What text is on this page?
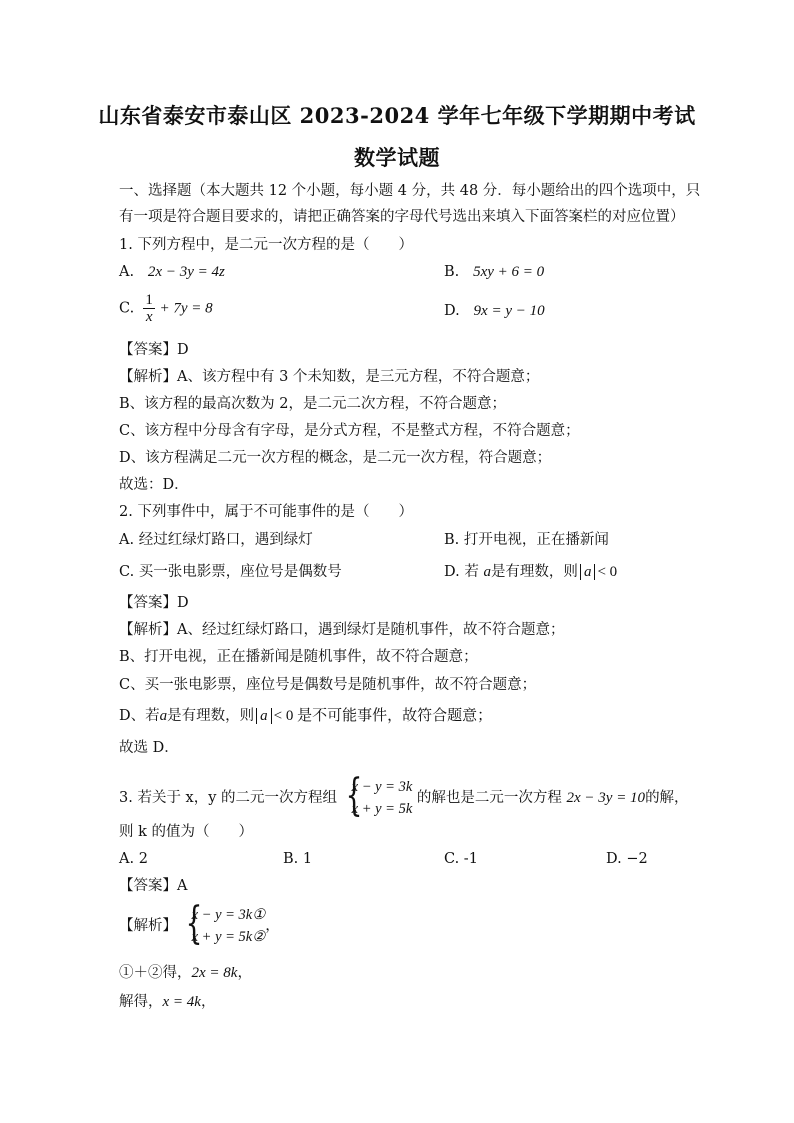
山东省泰安市泰山区 2023-2024 学年七年级下学期期中考试
数学试题
一、选择题（本大题共 12 个小题，每小题 4 分，共 48 分．每小题给出的四个选项中，只
有一项是符合题目要求的，请把正确答案的字母代号选出来填入下面答案栏的对应位置）
1. 下列方程中，是二元一次方程的是（　　）
A. 2x − 3y = 4z	B. 5xy + 6 = 0
C. $\frac{1}{x} + 7y = 8$	D. 9x = y − 10
【答案】D
【解析】A、该方程中有 3 个未知数，是三元方程，不符合题意；
B、该方程的最高次数为 2，是二元二次方程，不符合题意；
C、该方程中分母含有字母，是分式方程，不是整式方程，不符合题意；
D、该方程满足二元一次方程的概念，是二元一次方程，符合题意；
故选：D．
2. 下列事件中，属于不可能事件的是（　　）
A. 经过红绿灯路口，遇到绿灯	B. 打开电视，正在播新闻
C. 买一张电影票，座位号是偶数号	D. 若 a是有理数，则 a < 0
【答案】D
【解析】A、经过红绿灯路口，遇到绿灯是随机事件，故不符合题意；
B、打开电视，正在播新闻是随机事件，故不符合题意；
C、买一张电影票，座位号是偶数号是随机事件，故不符合题意；
D、若a是有理数，则 a < 0 是不可能事件，故符合题意；
故选 D．
3. 若关于 x，y 的二元一次方程组 {
x − y = 3k
x + y = 5k
的解也是二元一次方程 2x − 3y = 10的解，
则 k 的值为（　　）
A. 2	B. 1	C. -1	D. −2
【答案】A
【解析】 {
x − y = 3k①
x + y = 5k②
，
①＋②得，2x = 8k，
解得，x = 4k，
